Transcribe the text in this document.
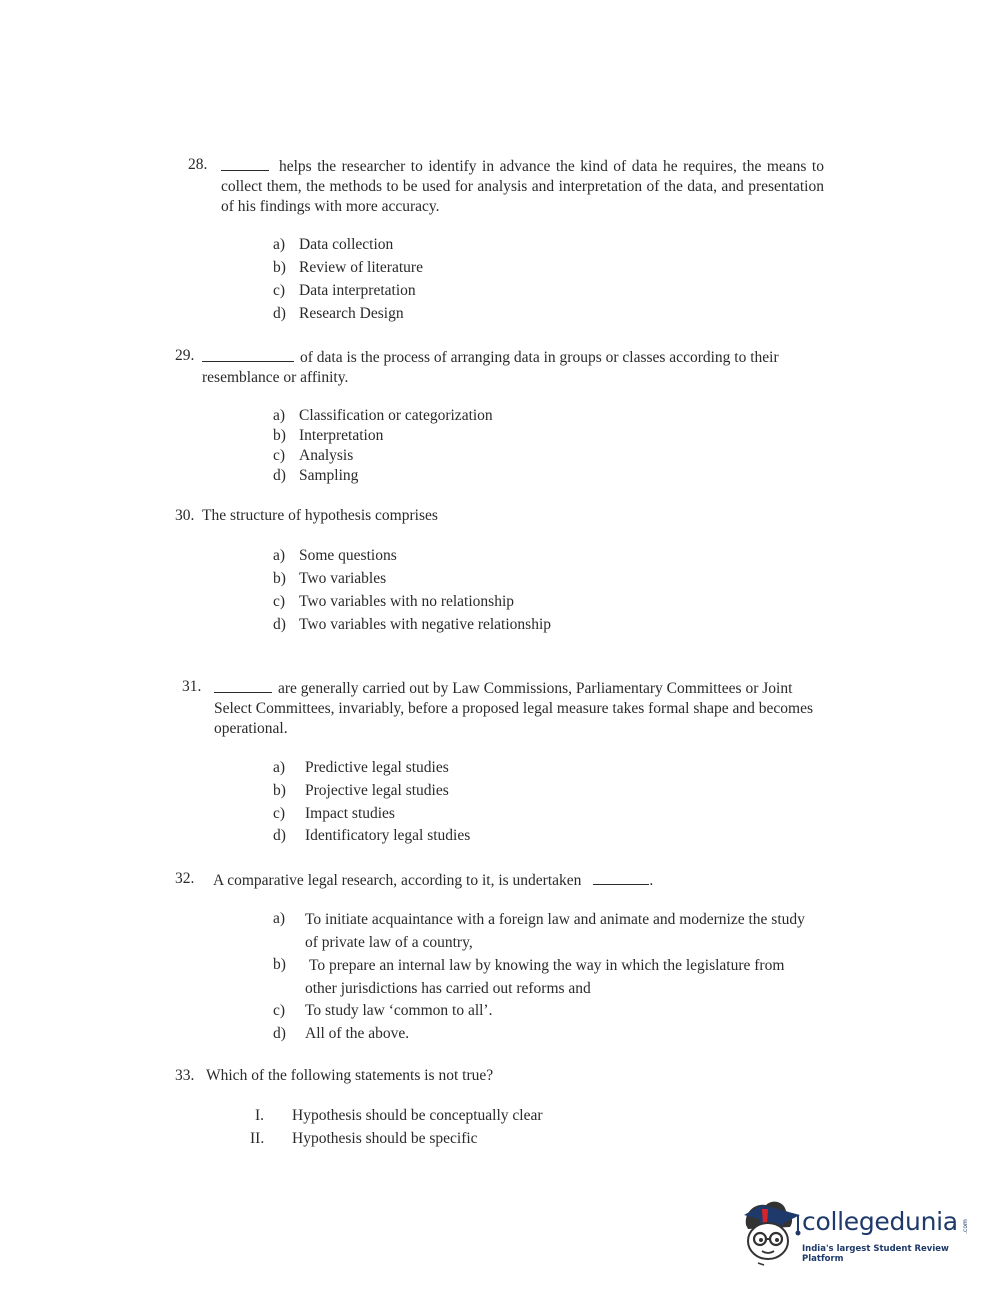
28.	helps the researcher to identify in advance the kind of data he requires, the means to collect them, the methods to be used for analysis and interpretation of the data, and presentation of his findings with more accuracy.
a) Data collection
b) Review of literature
c) Data interpretation
d) Research Design
29.	of data is the process of arranging data in groups or classes according to their resemblance or affinity.
a) Classification or categorization
b) Interpretation
c) Analysis
d) Sampling
30. The structure of hypothesis comprises
a) Some questions
b) Two variables
c) Two variables with no relationship
d) Two variables with negative relationship
31.	are generally carried out by Law Commissions, Parliamentary Committees or Joint Select Committees, invariably, before a proposed legal measure takes formal shape and becomes operational.
a) Predictive legal studies
b) Projective legal studies
c) Impact studies
d) Identificatory legal studies
32. A comparative legal research, according to it, is undertaken	.
a) To initiate acquaintance with a foreign law and animate and modernize the study of private law of a country,
b) To prepare an internal law by knowing the way in which the legislature from other jurisdictions has carried out reforms and
c) To study law ‘common to all’.
d) All of the above.
33. Which of the following statements is not true?
I. Hypothesis should be conceptually clear
II. Hypothesis should be specific
collegedunia .com
India's largest Student Review Platform
